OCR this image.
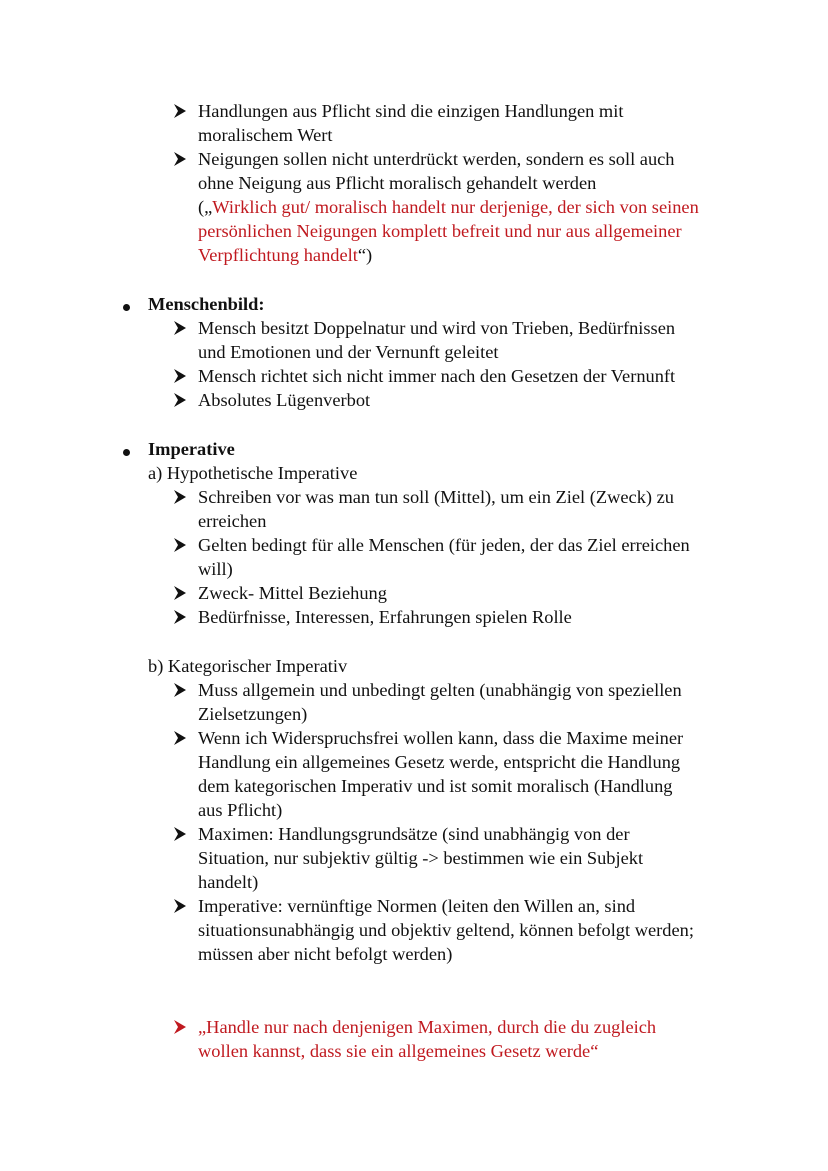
Handlungen aus Pflicht sind die einzigen Handlungen mit
moralischem Wert
Neigungen sollen nicht unterdrückt werden, sondern es soll auch
ohne Neigung aus Pflicht moralisch gehandelt werden
(„Wirklich gut/ moralisch handelt nur derjenige, der sich von seinen
persönlichen Neigungen komplett befreit und nur aus allgemeiner
Verpflichtung handelt“)
Menschenbild:
Mensch besitzt Doppelnatur und wird von Trieben, Bedürfnissen
und Emotionen und der Vernunft geleitet
Mensch richtet sich nicht immer nach den Gesetzen der Vernunft
Absolutes Lügenverbot
Imperative
a) Hypothetische Imperative
Schreiben vor was man tun soll (Mittel), um ein Ziel (Zweck) zu
erreichen
Gelten bedingt für alle Menschen (für jeden, der das Ziel erreichen
will)
Zweck- Mittel Beziehung
Bedürfnisse, Interessen, Erfahrungen spielen Rolle
b) Kategorischer Imperativ
Muss allgemein und unbedingt gelten (unabhängig von speziellen
Zielsetzungen)
Wenn ich Widerspruchsfrei wollen kann, dass die Maxime meiner
Handlung ein allgemeines Gesetz werde, entspricht die Handlung
dem kategorischen Imperativ und ist somit moralisch (Handlung
aus Pflicht)
Maximen: Handlungsgrundsätze (sind unabhängig von der
Situation, nur subjektiv gültig -> bestimmen wie ein Subjekt
handelt)
Imperative: vernünftige Normen (leiten den Willen an, sind
situationsunabhängig und objektiv geltend, können befolgt werden;
müssen aber nicht befolgt werden)
„Handle nur nach denjenigen Maximen, durch die du zugleich
wollen kannst, dass sie ein allgemeines Gesetz werde“
